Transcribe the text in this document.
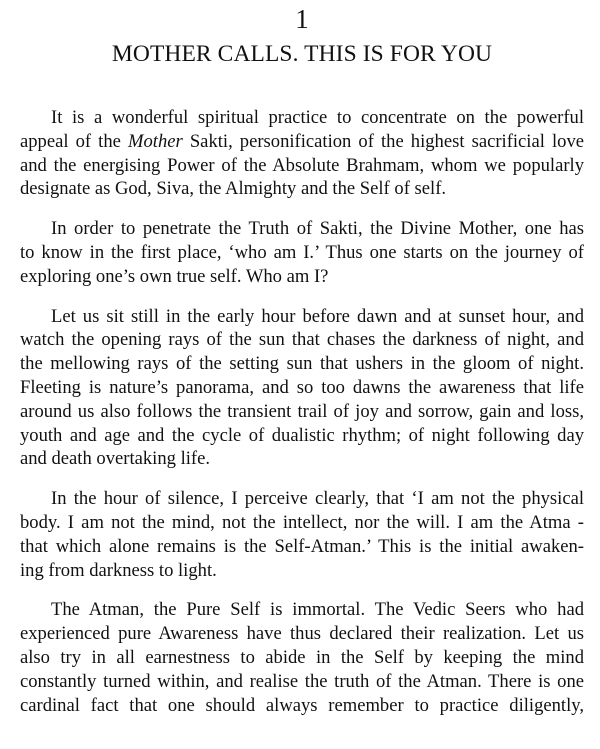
1
MOTHER CALLS. THIS IS FOR YOU

It is a wonderful spiritual practice to concentrate on the powerful
appeal of the Mother Sakti, personification of the highest sacrificial love
and the energising Power of the Absolute Brahmam, whom we popularly
designate as God, Siva, the Almighty and the Self of self.

In order to penetrate the Truth of Sakti, the Divine Mother, one has
to know in the first place, ‘who am I.’ Thus one starts on the journey of
exploring one’s own true self. Who am I?

Let us sit still in the early hour before dawn and at sunset hour, and
watch the opening rays of the sun that chases the darkness of night, and
the mellowing rays of the setting sun that ushers in the gloom of night.
Fleeting is nature’s panorama, and so too dawns the awareness that life
around us also follows the transient trail of joy and sorrow, gain and loss,
youth and age and the cycle of dualistic rhythm; of night following day
and death overtaking life.

In the hour of silence, I perceive clearly, that ‘I am not the physical
body. I am not the mind, not the intellect, nor the will. I am the Atma -
that which alone remains is the Self-Atman.’ This is the initial awaken-
ing from darkness to light.

The Atman, the Pure Self is immortal. The Vedic Seers who had
experienced pure Awareness have thus declared their realization. Let us
also try in all earnestness to abide in the Self by keeping the mind
constantly turned within, and realise the truth of the Atman. There is one
cardinal fact that one should always remember to practice diligently,
